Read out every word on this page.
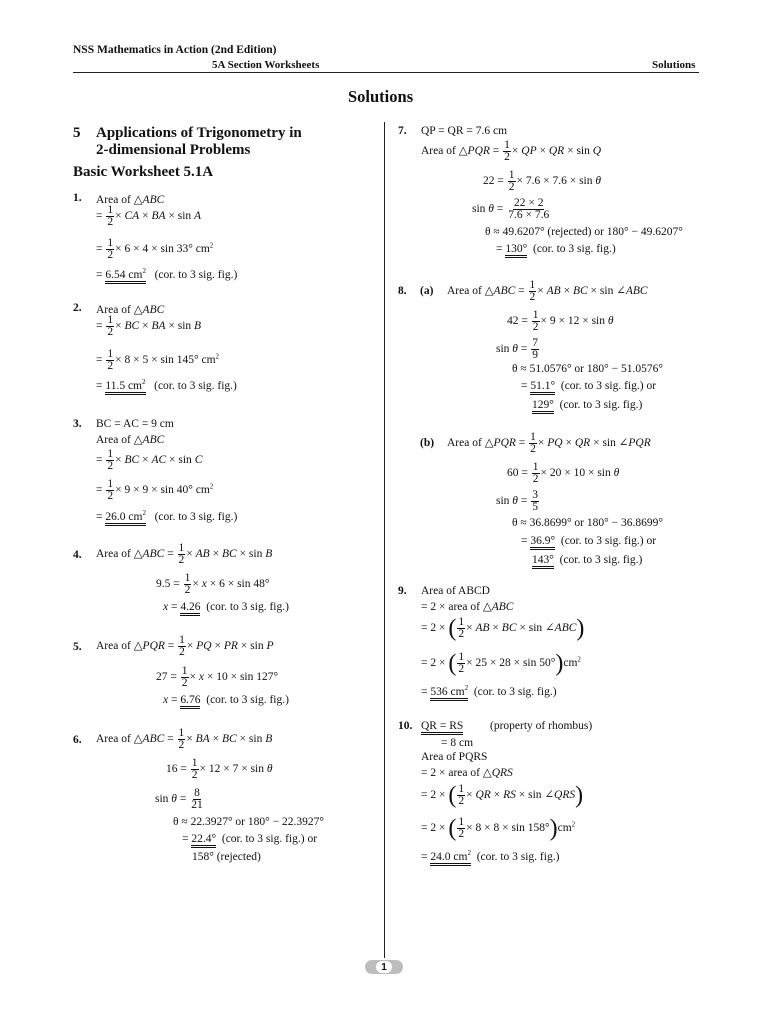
NSS Mathematics in Action (2nd Edition)
5A Section Worksheets	Solutions
Solutions
5 Applications of Trigonometry in
2-dimensional Problems
Basic Worksheet 5.1A
1. Area of △ABC
= $\frac{1}{2}$ × CA × BA × sin A
= $\frac{1}{2} \times 6 \times 4 \times \sin 33^\circ$ $cm^2$
= 6.54 $cm^2$ (cor. to 3 sig. fig.)
2. Area of △ABC
= $\frac{1}{2}$ × BC × BA × sin B
= $\frac{1}{2} \times 8 \times 5 \times \sin 145^\circ$ $cm^2$
= 11.5 $cm^2$ (cor. to 3 sig. fig.)
3. BC = AC = 9 cm
Area of △ABC
= $\frac{1}{2}$ × BC × AC × sin C
= $\frac{1}{2} \times 9 \times 9 \times \sin 40^\circ$ $cm^2$
= 26.0 $cm^2$ (cor. to 3 sig. fig.)
4. Area of △ABC = $\frac{1}{2}$ × AB × BC × sin B
$9.5 = \frac{1}{2} \times x \times 6 \times \sin 48^\circ$
x = 4.26 (cor. to 3 sig. fig.)
5. Area of △PQR = $\frac{1}{2}$ × PQ × PR × sin P
$27 = \frac{1}{2} \times x \times 10 \times \sin 127^\circ$
x = 6.76 (cor. to 3 sig. fig.)
6. Area of △ABC = $\frac{1}{2}$ × BA × BC × sin B
$16 = \frac{1}{2} \times 12 \times 7 \times \sin \theta$
$\sin \theta = \frac{8}{21}$
θ ≈ 22.3927° or 180° − 22.3927°
= 22.4° (cor. to 3 sig. fig.) or
158° (rejected)
7. QP = QR = 7.6 cm
Area of △PQR = $\frac{1}{2}$ × QP × QR × sin Q
$22 = \frac{1}{2} \times 7.6 \times 7.6 \times \sin \theta$
$\sin \theta = \frac{22 \times 2}{7.6 \times 7.6}$
θ ≈ 49.6207° (rejected) or 180° − 49.6207°
= 130° (cor. to 3 sig. fig.)
8. (a) Area of △ABC = $\frac{1}{2}$ × AB × BC × sin ∠ABC
$42 = \frac{1}{2} \times 9 \times 12 \times \sin \theta$
$\sin \theta = \frac{7}{9}$
θ ≈ 51.0576° or 180° − 51.0576°
= 51.1° (cor. to 3 sig. fig.) or
129° (cor. to 3 sig. fig.)
(b) Area of △PQR = $\frac{1}{2}$ × PQ × QR × sin ∠PQR
$60 = \frac{1}{2} \times 20 \times 10 \times \sin \theta$
$\sin \theta = \frac{3}{5}$
θ ≈ 36.8699° or 180° − 36.8699°
= 36.9° (cor. to 3 sig. fig.) or
143° (cor. to 3 sig. fig.)
9. Area of ABCD
= 2 × area of △ABC
= 2 × ( $\frac{1}{2}$ × AB × BC × sin ∠ABC)
= 2 × ( $\frac{1}{2} \times 25 \times 28 \times \sin 50^\circ)cm^2$
= 536 $cm^2$ (cor. to 3 sig. fig.)
10. QR = RS (property of rhombus)
= 8 cm
Area of PQRS
= 2 × area of △QRS
= 2 × ( $\frac{1}{2}$ × QR × RS × sin ∠QRS)
= 2 × ( $\frac{1}{2} \times 8 \times 8 \times \sin 158^\circ)cm^2$
= 24.0 $cm^2$ (cor. to 3 sig. fig.)
1
